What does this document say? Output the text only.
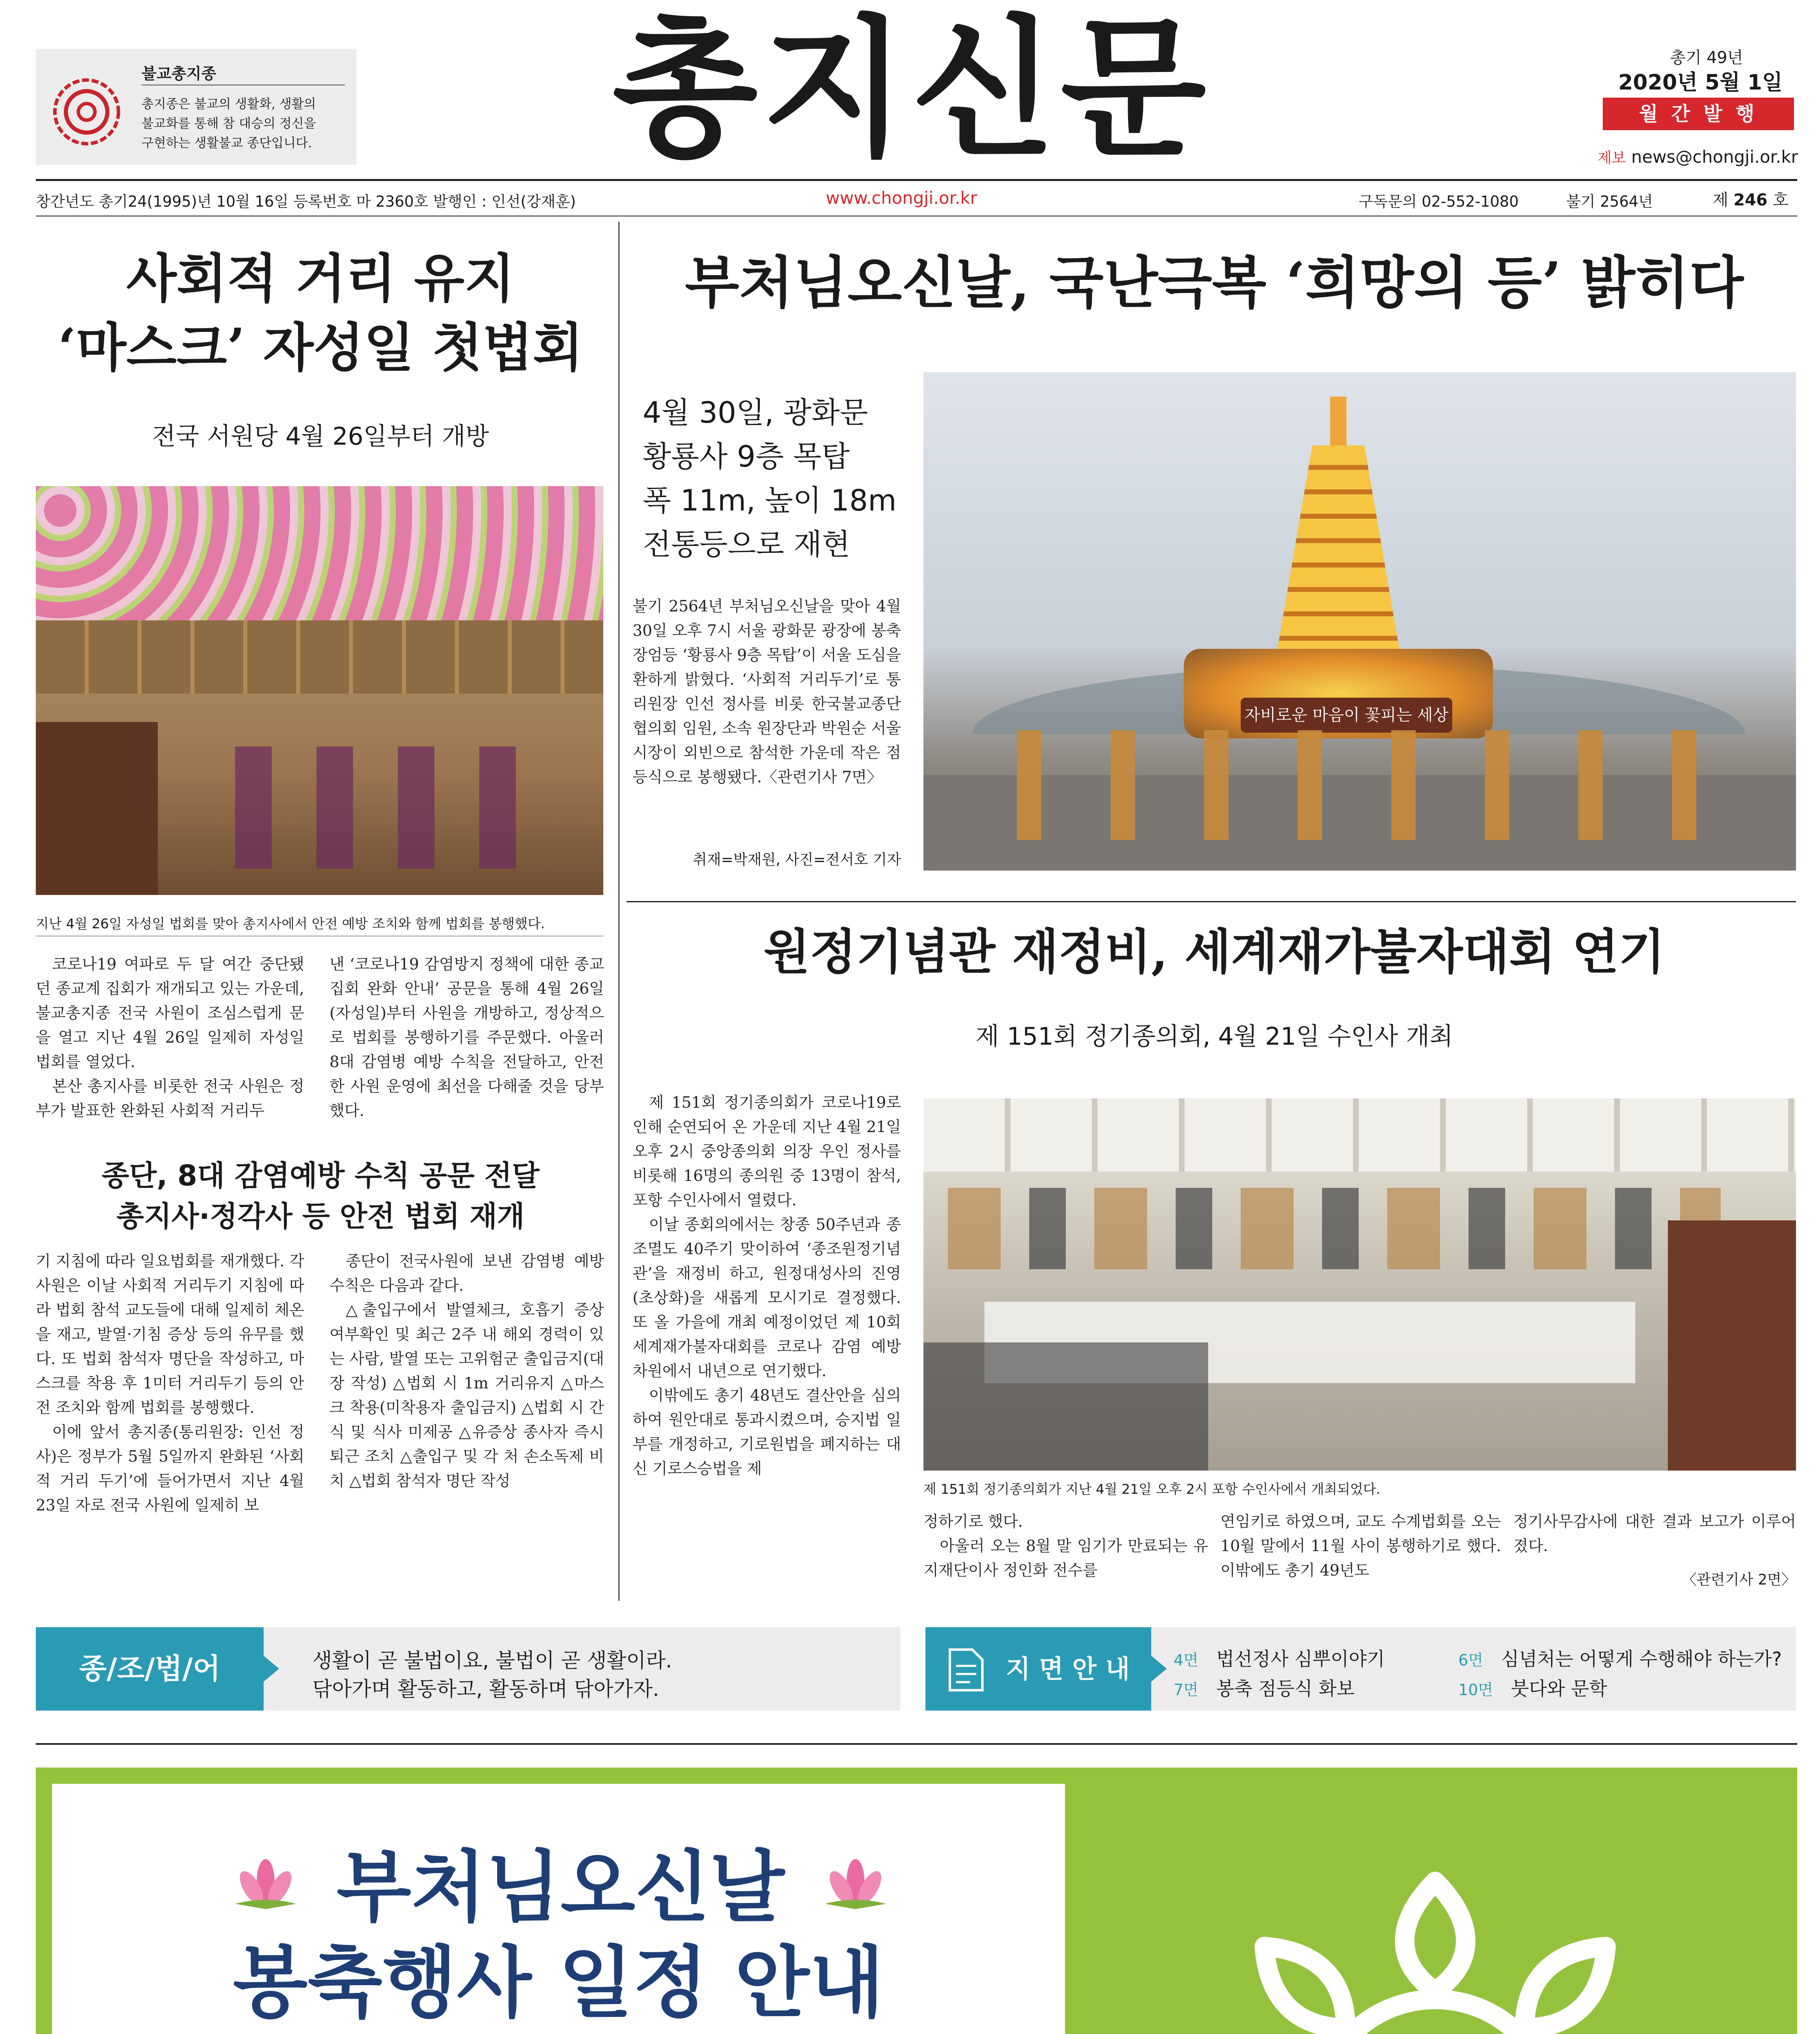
불교총지종
총지종은 불교의 생활화, 생활의
불교화를 통해 참 대승의 정신을
구현하는 생활불교 종단입니다. 총지신문	총기 49년
2020년 5월 1일
월 간 발 행
제보 news@chongji.or.kr
창간년도 총기24(1995)년 10월 16일 등록번호 마 2360호 발행인 : 인선(강재훈)	www.chongji.or.kr	구독문의 02-552-1080	불기 2564년	제 246 호
사회적 거리 유지
‘마스크’ 자성일 첫법회
전국 서원당 4월 26일부터 개방
지난 4월 26일 자성일 법회를 맞아 총지사에서 안전 예방 조치와 함께 법회를 봉행했다.

코로나19 여파로 두 달 여간 중단됐던 종교계 집회가 재개되고 있는 가운데, 불교총지종 전국 사원이 조심스럽게 문을 열고 지난 4월 26일 일제히 자성일 법회를 열었다.

본산 총지사를 비롯한 전국 사원은 정부가 발표한 완화된 사회적 거리두

낸 ‘코로나19 감염방지 정책에 대한 종교집회 완화 안내’ 공문을 통해 4월 26일(자성일)부터 사원을 개방하고, 정상적으로 법회를 봉행하기를 주문했다. 아울러 8대 감염병 예방 수칙을 전달하고, 안전한 사원 운영에 최선을 다해줄 것을 당부했다.

종단, 8대 감염예방 수칙 공문 전달
총지사·정각사 등 안전 법회 재개

기 지침에 따라 일요법회를 재개했다. 각 사원은 이날 사회적 거리두기 지침에 따라 법회 참석 교도들에 대해 일제히 체온을 재고, 발열·기침 증상 등의 유무를 했다. 또 법회 참석자 명단을 작성하고, 마스크를 착용 후 1미터 거리두기 등의 안전 조치와 함께 법회를 봉행했다.

이에 앞서 총지종(통리원장: 인선 정사)은 정부가 5월 5일까지 완화된 ‘사회적 거리 두기’에 들어가면서 지난 4월 23일 자로 전국 사원에 일제히 보

종단이 전국사원에 보낸 감염병 예방수칙은 다음과 같다.

△출입구에서 발열체크, 호흡기 증상 여부확인 및 최근 2주 내 해외 경력이 있는 사람, 발열 또는 고위험군 출입금지(대장 작성) △법회 시 1m 거리유지 △마스크 착용(미착용자 출입금지) △법회 시 간식 및 식사 미제공 △유증상 종사자 즉시 퇴근 조치 △출입구 및 각 처 손소독제 비치 △법회 참석자 명단 작성

부처님오신날, 국난극복 ‘희망의 등’ 밝히다
4월 30일, 광화문
황룡사 9층 목탑
폭 11m, 높이 18m
전통등으로 재현

불기 2564년 부처님오신날을 맞아 4월 30일 오후 7시 서울 광화문 광장에 봉축 장엄등 ‘황룡사 9층 목탑’이 서울 도심을 환하게 밝혔다. ‘사회적 거리두기’로 통리원장 인선 정사를 비롯 한국불교종단협의회 임원, 소속 원장단과 박원순 서울시장이 외빈으로 참석한 가운데 작은 점등식으로 봉행됐다.〈관련기사 7면〉

취재=박재원, 사진=전서호 기자
자비로운 마음이 꽃피는 세상
원정기념관 재정비, 세계재가불자대회 연기
제 151회 정기종의회, 4월 21일 수인사 개최

제 151회 정기종의회가 코로나19로 인해 순연되어 온 가운데 지난 4월 21일 오후 2시 중앙종의회 의장 우인 정사를 비롯해 16명의 종의원 중 13명이 참석, 포항 수인사에서 열렸다.

이날 종회의에서는 창종 50주년과 종조멸도 40주기 맞이하여 ‘종조원정기념관’을 재정비 하고, 원정대성사의 진영(초상화)을 새롭게 모시기로 결정했다. 또 올 가을에 개최 예정이었던 제 10회 세계재가불자대회를 코로나 감염 예방 차원에서 내년으로 연기했다.

이밖에도 총기 48년도 결산안을 심의하여 원안대로 통과시켰으며, 승지법 일부를 개정하고, 기로원법을 폐지하는 대신 기로스승법을 제

제 151회 정기종의회가 지난 4월 21일 오후 2시 포항 수인사에서 개최되었다.

정하기로 했다.

아울러 오는 8월 말 임기가 만료되는 유지재단이사 정인화 전수를

연임키로 하였으며, 교도 수계법회를 오는 10월 말에서 11월 사이 봉행하기로 했다. 이밖에도 총기 49년도

정기사무감사에 대한 결과 보고가 이루어졌다.

〈관련기사 2면〉
종/조/법/어	생활이 곧 불법이요, 불법이 곧 생활이라.
닦아가며 활동하고, 활동하며 닦아가자.
지 면 안 내	4면 법선정사 심뿌이야기	6면 심념처는 어떻게 수행해야 하는가?
7면 봉축 점등식 화보	10면 붓다와 문학
부처님오신날
봉축행사 일정 안내
